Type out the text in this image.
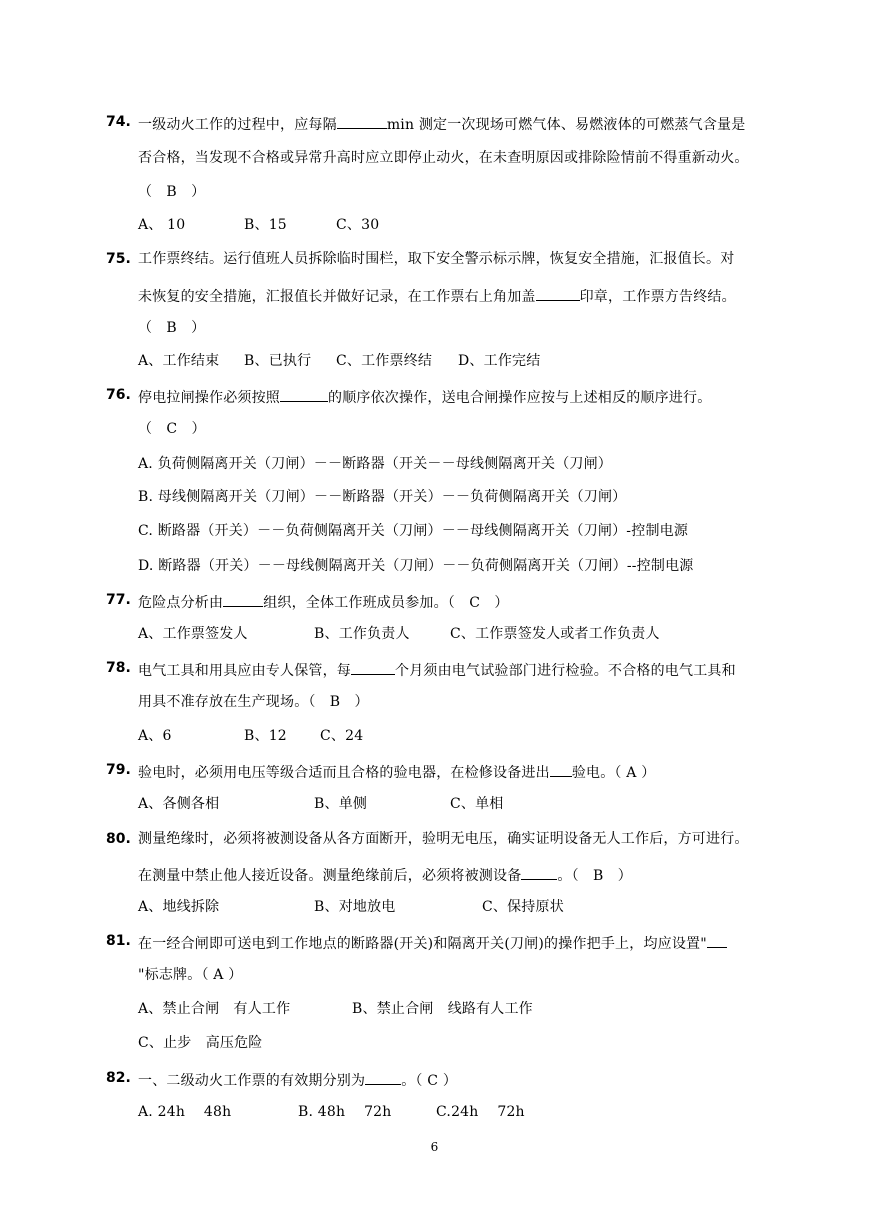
74. 一级动火工作的过程中，应每隔	min 测定一次现场可燃气体、易燃液体的可燃蒸气含量是
否合格，当发现不合格或异常升高时应立即停止动火，在未查明原因或排除险情前不得重新动火。
（　B　）
A、 10	B、15	C、30
75. 工作票终结。运行值班人员拆除临时围栏，取下安全警示标示牌，恢复安全措施，汇报值长。对
未恢复的安全措施，汇报值长并做好记录，在工作票右上角加盖	印章，工作票方告终结。
（　B　）
A、工作结束 B、已执行 C、工作票终结 D、工作完结
76. 停电拉闸操作必须按照	的顺序依次操作，送电合闸操作应按与上述相反的顺序进行。
（　C　）
A. 负荷侧隔离开关（刀闸）－－断路器（开关－－母线侧隔离开关（刀闸）
B. 母线侧隔离开关（刀闸）－－断路器（开关）－－负荷侧隔离开关（刀闸）
C. 断路器（开关）－－负荷侧隔离开关（刀闸）－－母线侧隔离开关（刀闸）-控制电源
D. 断路器（开关）－－母线侧隔离开关（刀闸）－－负荷侧隔离开关（刀闸）--控制电源
77. 危险点分析由	组织，全体工作班成员参加。（　C　）
A、工作票签发人	B、工作负责人	C、工作票签发人或者工作负责人
78. 电气工具和用具应由专人保管，每	个月须由电气试验部门进行检验。不合格的电气工具和
用具不准存放在生产现场。（　B　）
A、6	B、12 C、24
79. 验电时，必须用电压等级合适而且合格的验电器，在检修设备进出 验电。（ A ）
A、各侧各相	B、单侧	C、单相
80. 测量绝缘时，必须将被测设备从各方面断开，验明无电压，确实证明设备无人工作后，方可进行。
在测量中禁止他人接近设备。测量绝缘前后，必须将被测设备	。（　B　）
A、地线拆除	B、对地放电	C、保持原状
81. 在一经合闸即可送电到工作地点的断路器(开关)和隔离开关(刀闸)的操作把手上，均应设置"
"标志牌。（ A ）
A、禁止合闸　有人工作	B、禁止合闸　线路有人工作
C、止步　高压危险
82. 一、二级动火工作票的有效期分别为	。（ C ）
A. 24h　 48h	B. 48h　 72h	C.24h　 72h
6
